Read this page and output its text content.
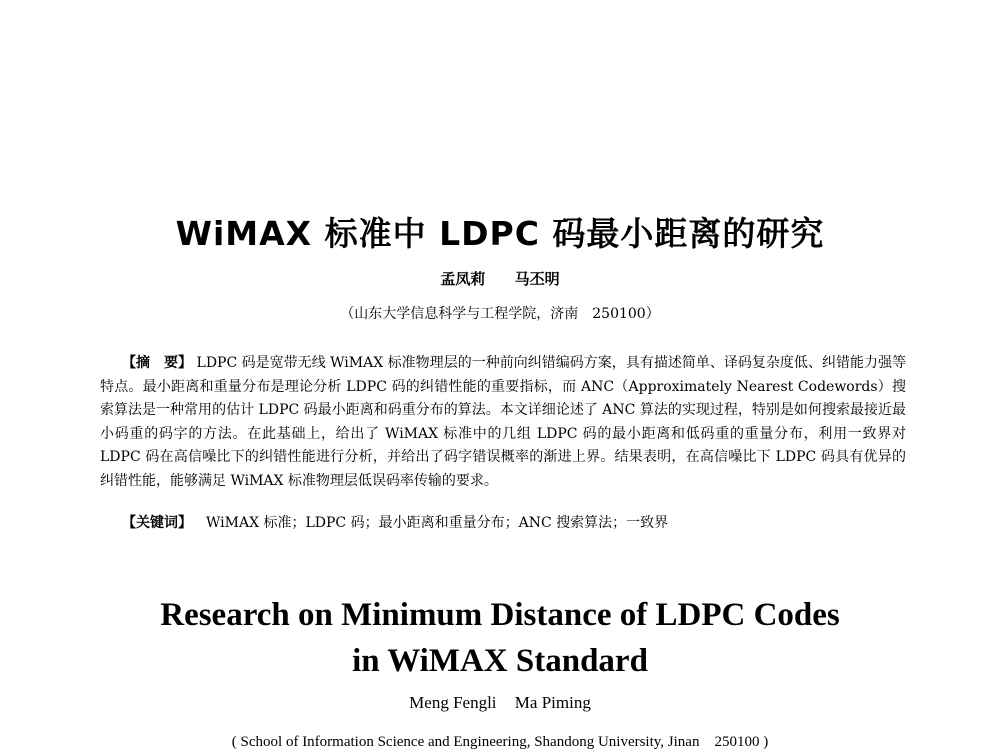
WiMAX 标准中 LDPC 码最小距离的研究
孟凤莉 马丕明
（山东大学信息科学与工程学院，济南　250100）
【摘　要】 LDPC 码是宽带无线 WiMAX 标准物理层的一种前向纠错编码方案，具有描述简单、译码复杂度低、纠错能力强等特点。最小距离和重量分布是理论分析 LDPC 码的纠错性能的重要指标，而 ANC（Approximately Nearest Codewords）搜索算法是一种常用的估计 LDPC 码最小距离和码重分布的算法。本文详细论述了 ANC 算法的实现过程，特别是如何搜索最接近最小码重的码字的方法。在此基础上，给出了 WiMAX 标准中的几组 LDPC 码的最小距离和低码重的重量分布，利用一致界对 LDPC 码在高信噪比下的纠错性能进行分析，并给出了码字错误概率的渐进上界。结果表明，在高信噪比下 LDPC 码具有优异的纠错性能，能够满足 WiMAX 标准物理层低误码率传输的要求。
【关键词】 WiMAX 标准；LDPC 码；最小距离和重量分布；ANC 搜索算法；一致界
Research on Minimum Distance of LDPC Codes
in WiMAX Standard
Meng Fengli Ma Piming
( School of Information Science and Engineering, Shandong University, Jinan　250100 )
